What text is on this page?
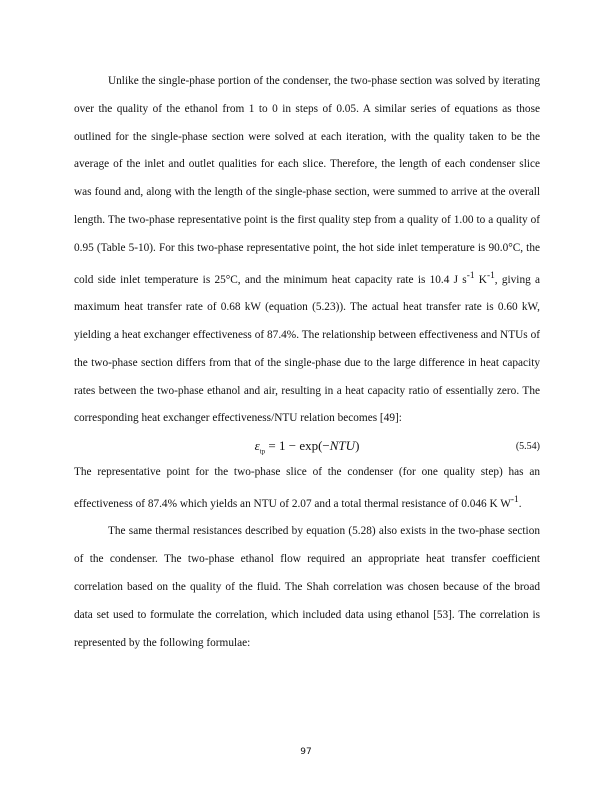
Unlike the single-phase portion of the condenser, the two-phase section was solved by iterating over the quality of the ethanol from 1 to 0 in steps of 0.05. A similar series of equations as those outlined for the single-phase section were solved at each iteration, with the quality taken to be the average of the inlet and outlet qualities for each slice. Therefore, the length of each condenser slice was found and, along with the length of the single-phase section, were summed to arrive at the overall length. The two-phase representative point is the first quality step from a quality of 1.00 to a quality of 0.95 (Table 5-10). For this two-phase representative point, the hot side inlet temperature is 90.0°C, the cold side inlet temperature is 25°C, and the minimum heat capacity rate is 10.4 J $s^{-1}$ $K^{-1}$, giving a maximum heat transfer rate of 0.68 kW (equation (5.23)). The actual heat transfer rate is 0.60 kW, yielding a heat exchanger effectiveness of 87.4%. The relationship between effectiveness and NTUs of the two-phase section differs from that of the single-phase due to the large difference in heat capacity rates between the two-phase ethanol and air, resulting in a heat capacity ratio of essentially zero. The corresponding heat exchanger effectiveness/NTU relation becomes [49]:

$\varepsilon_{tp} = 1 - \exp(-NTU)$	(5.54)

The representative point for the two-phase slice of the condenser (for one quality step) has an effectiveness of 87.4% which yields an NTU of 2.07 and a total thermal resistance of 0.046 K $W^{-1}$.

The same thermal resistances described by equation (5.28) also exists in the two-phase section of the condenser. The two-phase ethanol flow required an appropriate heat transfer coefficient correlation based on the quality of the fluid. The Shah correlation was chosen because of the broad data set used to formulate the correlation, which included data using ethanol [53]. The correlation is represented by the following formulae:

97
